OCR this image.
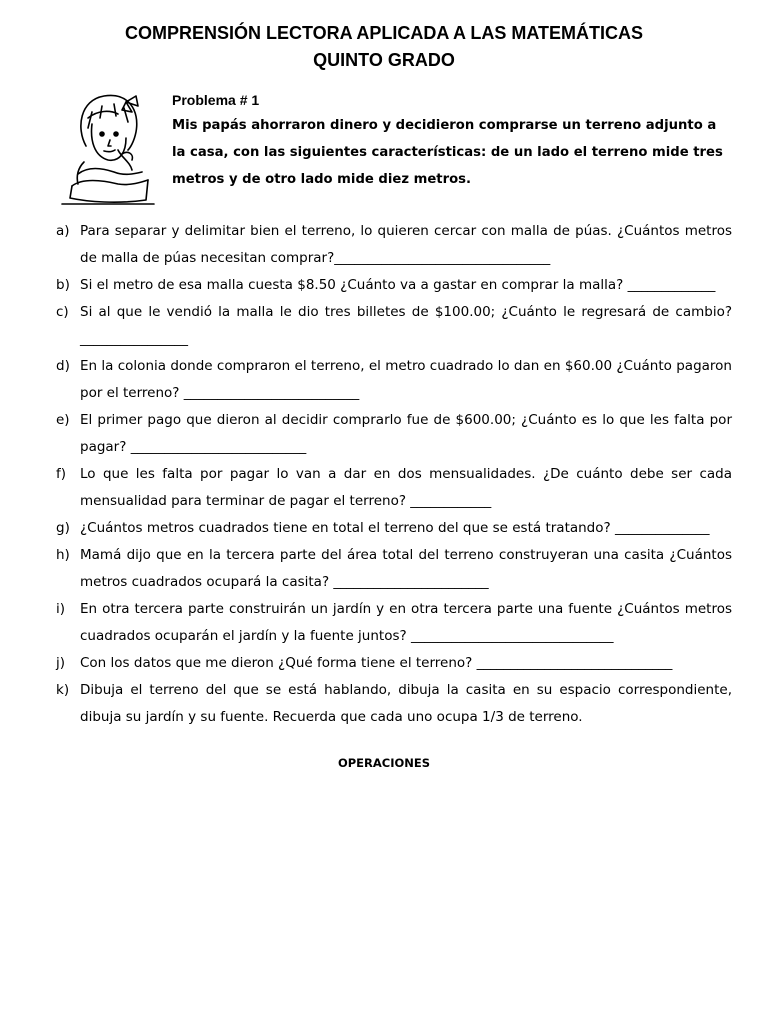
COMPRENSIÓN LECTORA APLICADA A LAS MATEMÁTICAS
QUINTO GRADO
Problema # 1

Mis papás ahorraron dinero y decidieron comprarse un terreno adjunto a la casa, con las siguientes características: de un lado el terreno mide tres metros y de otro lado mide diez metros.

a) Para separar y delimitar bien el terreno, lo quieren cercar con malla de púas. ¿Cuántos metros de malla de púas necesitan comprar?________________________________
b) Si el metro de esa malla cuesta $8.50 ¿Cuánto va a gastar en comprar la malla? _____________
c) Si al que le vendió la malla le dio tres billetes de $100.00; ¿Cuánto le regresará de cambio?________________
d) En la colonia donde compraron el terreno, el metro cuadrado lo dan en $60.00 ¿Cuánto pagaron por el terreno? __________________________
e) El primer pago que dieron al decidir comprarlo fue de $600.00; ¿Cuánto es lo que les falta por pagar? __________________________
f)	Lo que les falta por pagar lo van a dar en dos mensualidades. ¿De cuánto debe ser cada mensualidad para terminar de pagar el terreno? ____________
g) ¿Cuántos metros cuadrados tiene en total el terreno del que se está tratando? ______________
h) Mamá dijo que en la tercera parte del área total del terreno construyeran una casita ¿Cuántos metros cuadrados ocupará la casita? _______________________
i)	En otra tercera parte construirán un jardín y en otra tercera parte una fuente ¿Cuántos metros cuadrados ocuparán el jardín y la fuente juntos? ______________________________
j)	Con los datos que me dieron ¿Qué forma tiene el terreno? _____________________________
k) Dibuja el terreno del que se está hablando, dibuja la casita en su espacio correspondiente, dibuja su jardín y su fuente. Recuerda que cada uno ocupa 1/3 de terreno.
OPERACIONES
